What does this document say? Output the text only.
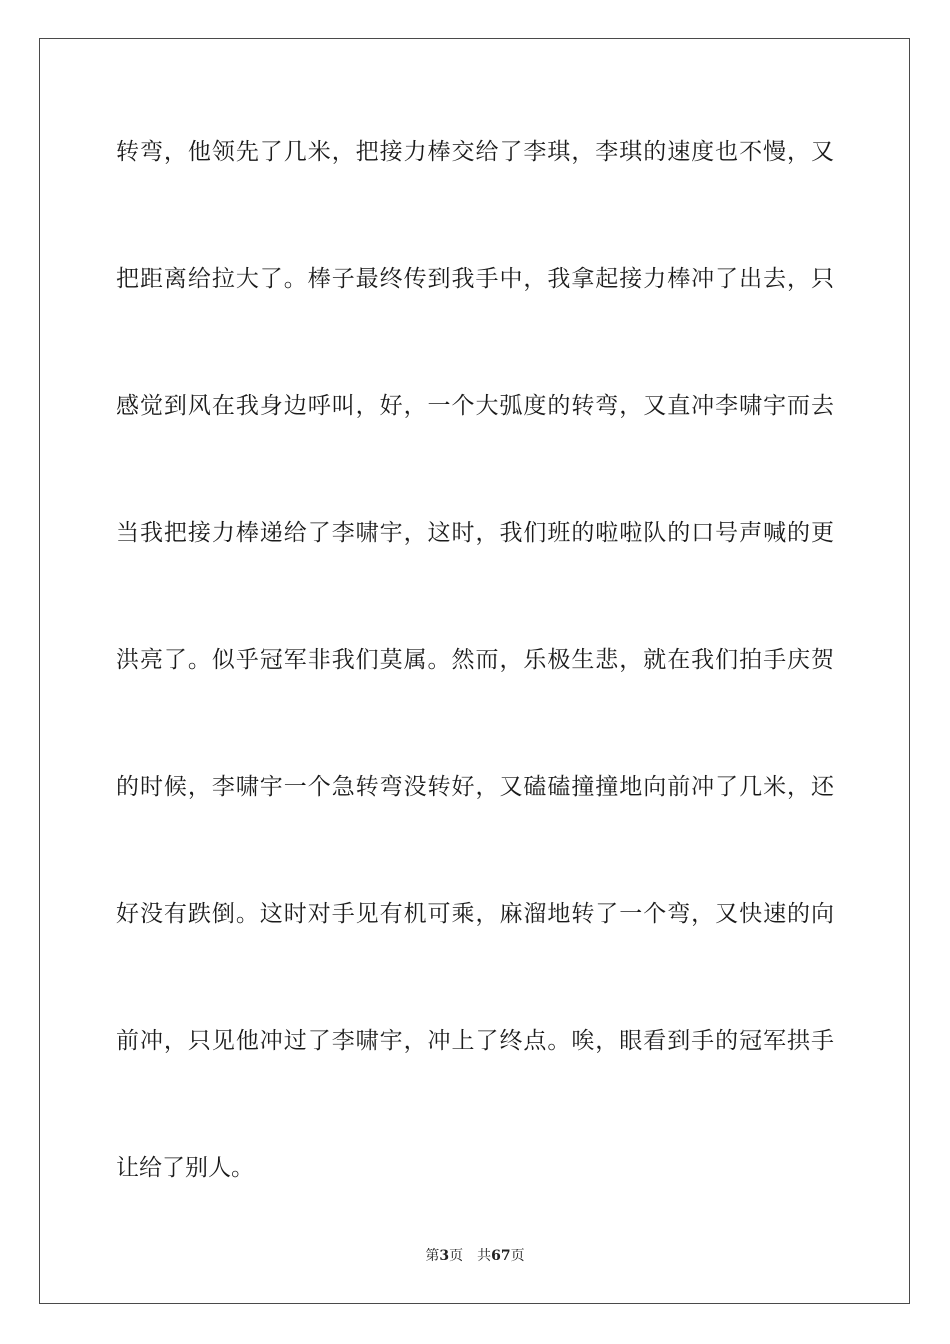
转弯，他领先了几米，把接力棒交给了李琪，李琪的速度也不慢，又
把距离给拉大了。棒子最终传到我手中，我拿起接力棒冲了出去，只
感觉到风在我身边呼叫，好，一个大弧度的转弯，又直冲李啸宇而去
当我把接力棒递给了李啸宇，这时，我们班的啦啦队的口号声喊的更
洪亮了。似乎冠军非我们莫属。然而，乐极生悲，就在我们拍手庆贺
的时候，李啸宇一个急转弯没转好，又磕磕撞撞地向前冲了几米，还
好没有跌倒。这时对手见有机可乘，麻溜地转了一个弯，又快速的向
前冲，只见他冲过了李啸宇，冲上了终点。唉，眼看到手的冠军拱手
让给了别人。
第3页 共67页
